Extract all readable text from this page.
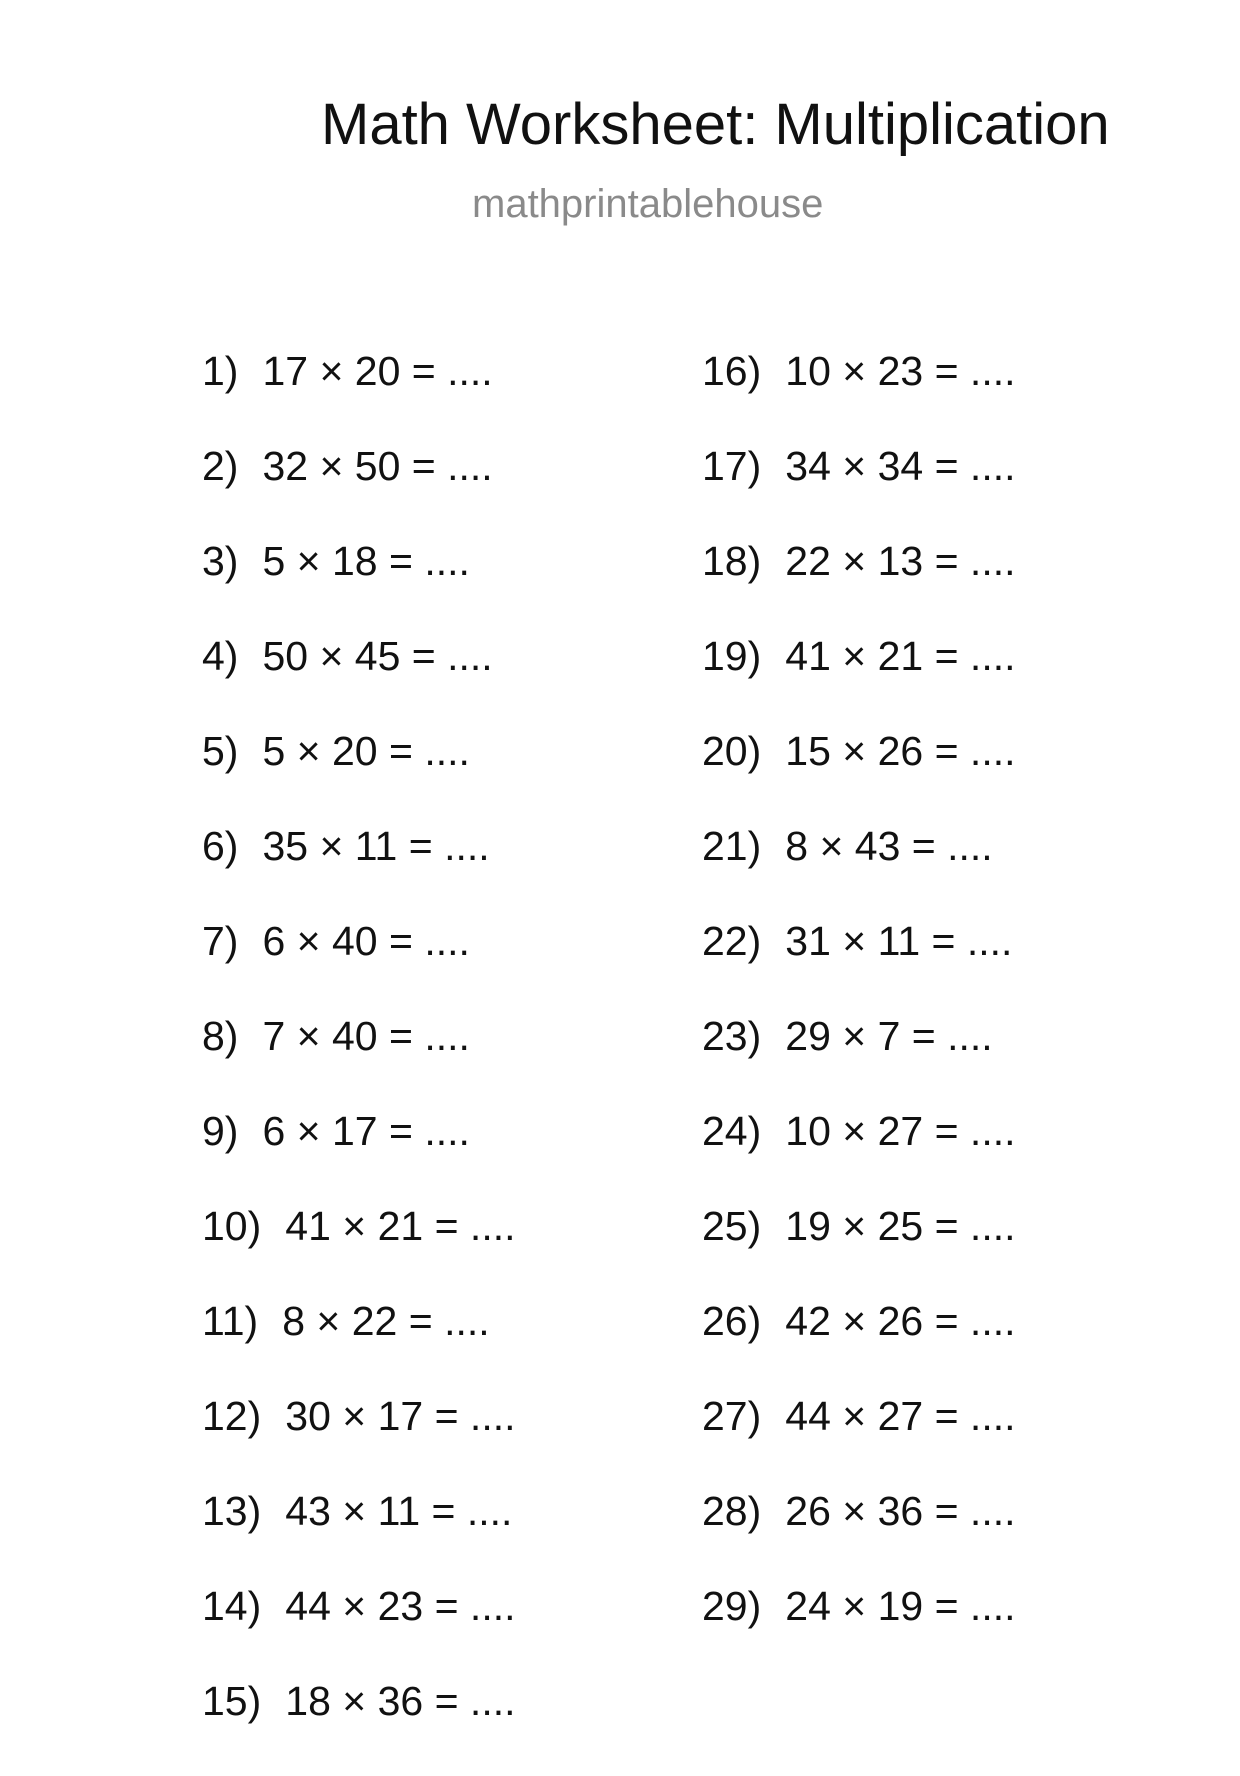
Math Worksheet: Multiplication
mathprintablehouse
1) 17 × 20 = ....
2) 32 × 50 = ....
3) 5 × 18 = ....
4) 50 × 45 = ....
5) 5 × 20 = ....
6) 35 × 11 = ....
7) 6 × 40 = ....
8) 7 × 40 = ....
9) 6 × 17 = ....
10) 41 × 21 = ....
11) 8 × 22 = ....
12) 30 × 17 = ....
13) 43 × 11 = ....
14) 44 × 23 = ....
15) 18 × 36 = ....
16) 10 × 23 = ....
17) 34 × 34 = ....
18) 22 × 13 = ....
19) 41 × 21 = ....
20) 15 × 26 = ....
21) 8 × 43 = ....
22) 31 × 11 = ....
23) 29 × 7 = ....
24) 10 × 27 = ....
25) 19 × 25 = ....
26) 42 × 26 = ....
27) 44 × 27 = ....
28) 26 × 36 = ....
29) 24 × 19 = ....
